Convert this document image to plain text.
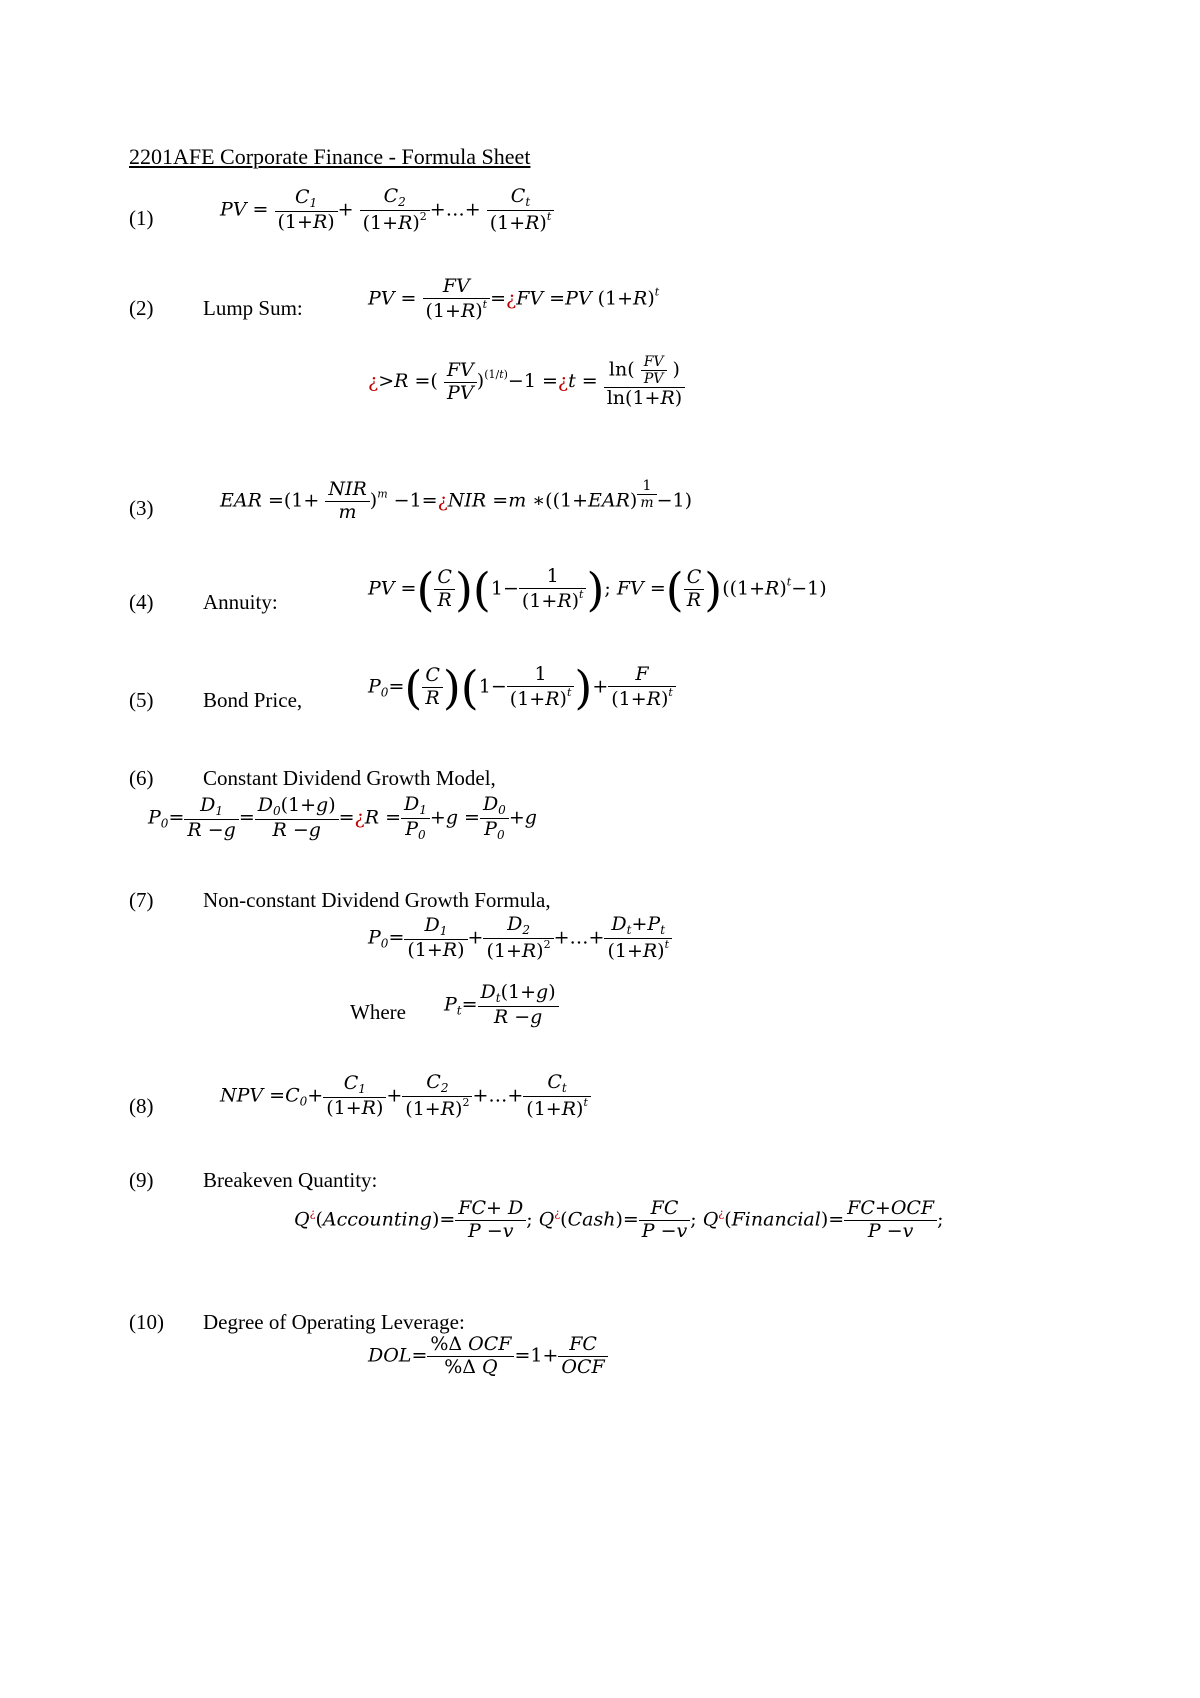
2201AFE Corporate Finance - Formula Sheet
(1)	PV = $\frac{C_1}{(1+R)} + \frac{C_2}{(1+R)^2}$ +…+ $\frac{C_t}{(1+R)^t}$
(2) Lump Sum:	PV = $\frac{FV}{(1+R)^t}$ =¿FV =PV $(1+R)^t$
¿>R =( $\frac{FV}{PV} )^{(1/t)}-1$ =¿t =
$\ln( \frac{FV}{PV}$ )
ln(1+R)
(3)	EAR =(1+
NIR
m
)$^m$ −1=¿NIR =m ∗((1+EAR) $^{\frac{1}{m}}$ −1)
(4) Annuity:
PV =( $\frac{C}{R} )(1- \frac{1}{(1+R)^t}$ ); FV =( $\frac{C}{R} )((1+R)^t-1)$
(5) Bond Price,
$P_0=( \frac{C}{R} )(1- \frac{1}{(1+R)^t}$ )+ $\frac{F}{(1+R)^t}$
(6) Constant Dividend Growth Model,
$P_0= \frac{D_1}{R -g} = \frac{D_0(1+g)}{R -g}$ =¿R = $\frac{D_1}{P_0} +g = \frac{D_0}{P_0} +g$
(7) Non-constant Dividend Growth Formula,
$P_0= \frac{D_1}{(1+R)} + \frac{D_2}{(1+R)^2}$ +…+ $\frac{D_t+P_t}{(1+R)^t}$
Where $P_t= \frac{D_t(1+g)}{R -g}$
(8)	NPV $=C_0+ \frac{C_1}{(1+R)} + \frac{C_2}{(1+R)^2}$ +…+ $\frac{C_t}{(1+R)^t}$
(9) Breakeven Quantity:
Q¿(Accounting)= $\frac{FC+ D}{P -v}$ ; Q¿(Cash)= $\frac{FC}{P -v}$ ; Q¿(Financial)=
FC+OCF
P −v
;
(10) Degree of Operating Leverage:
DOL=
%Δ OCF
%Δ Q
=1+
FC
OCF
